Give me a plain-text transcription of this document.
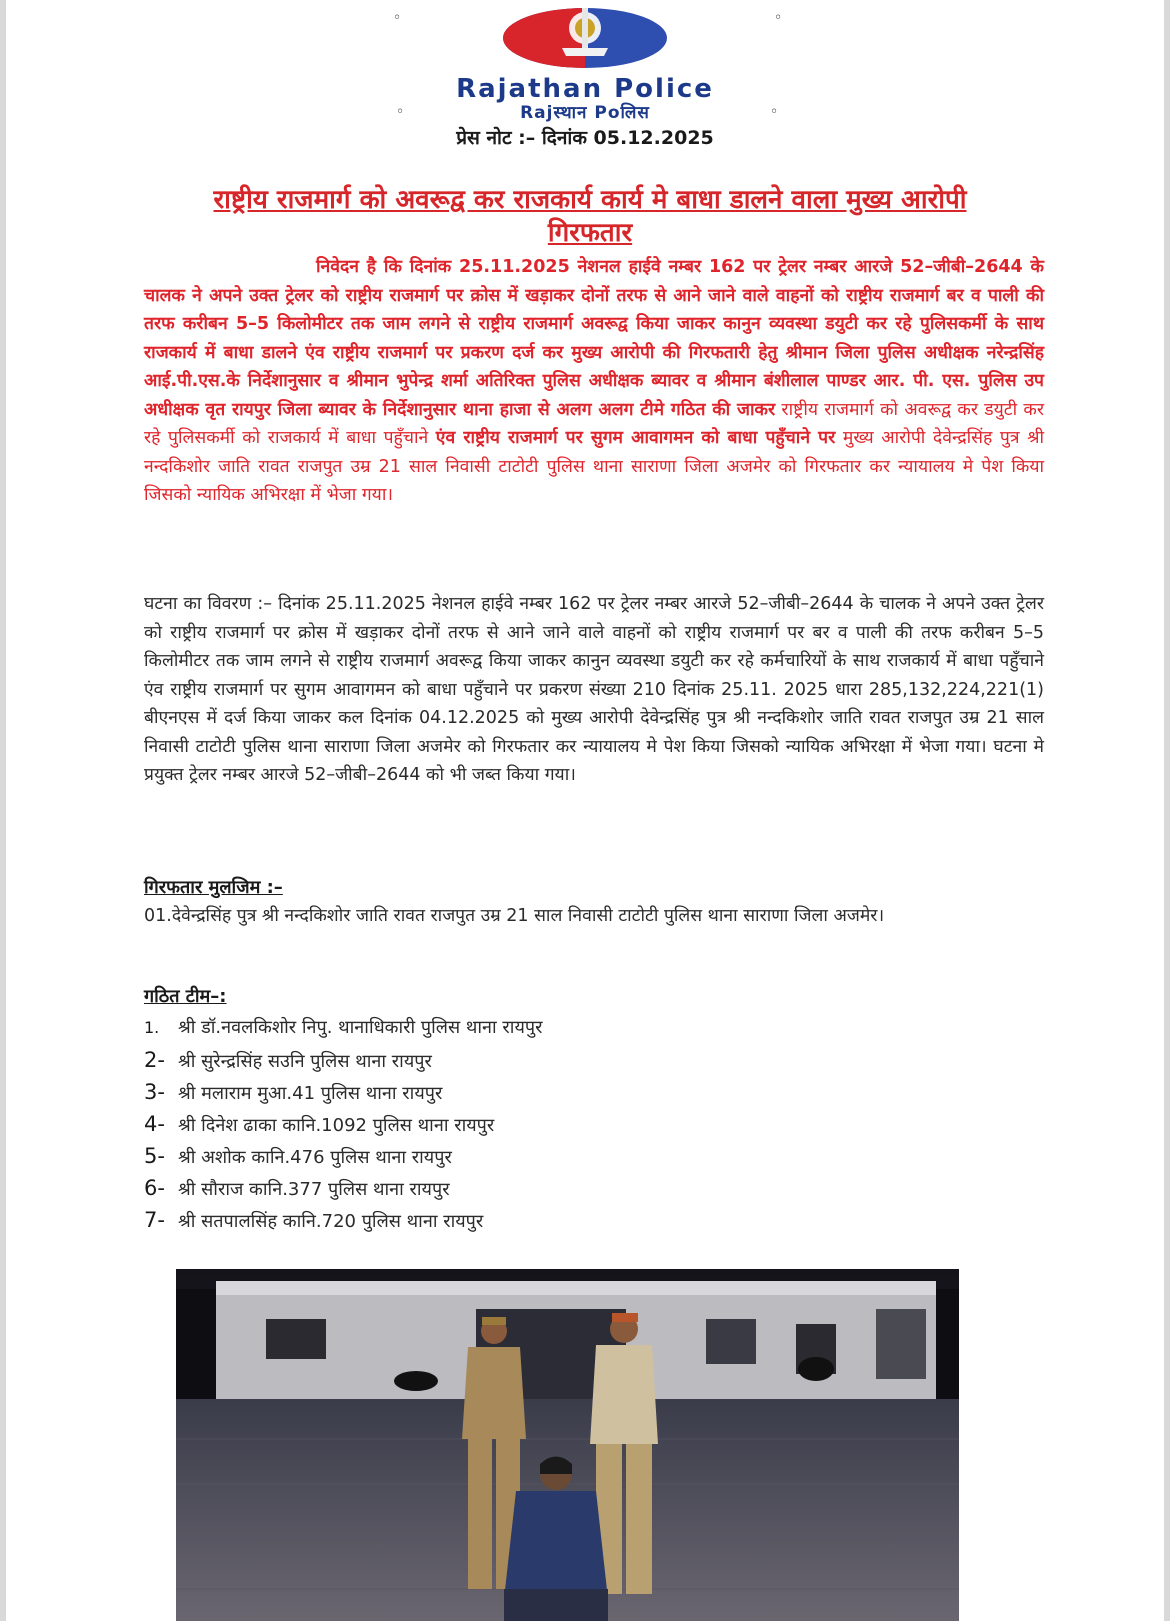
◦	◦
◦	◦
Rajathan Police
Rajस्थान Poलिस
प्रेस नोट :– दिनांक 05.12.2025
राष्ट्रीय राजमार्ग को अवरूद्व कर राजकार्य कार्य मे बाधा डालने वाला मुख्य आरोपी
गिरफतार
निवेदन है कि दिनांक 25.11.2025 नेशनल हाईवे नम्बर 162 पर ट्रेलर नम्बर आरजे 52–जीबी–2644 के चालक ने अपने उक्त ट्रेलर को राष्ट्रीय राजमार्ग पर क्रोस में खड़ाकर दोनों तरफ से आने जाने वाले वाहनों को राष्ट्रीय राजमार्ग बर व पाली की तरफ करीबन 5–5 किलोमीटर तक जाम लगने से राष्ट्रीय राजमार्ग अवरूद्व किया जाकर कानुन व्यवस्था डयुटी कर रहे पुलिसकर्मी के साथ राजकार्य में बाधा डालने एंव राष्ट्रीय राजमार्ग पर प्रकरण दर्ज कर मुख्य आरोपी की गिरफतारी हेतु श्रीमान जिला पुलिस अधीक्षक नरेन्द्रसिंह आई.पी.एस.के निर्देशानुसार व श्रीमान भुपेन्द्र शर्मा अतिरिक्त पुलिस अधीक्षक ब्यावर व श्रीमान बंशीलाल पाण्डर आर. पी. एस. पुलिस उप अधीक्षक वृत रायपुर जिला ब्यावर के निर्देशानुसार थाना हाजा से अलग अलग टीमे गठित की जाकर राष्ट्रीय राजमार्ग को अवरूद्व कर डयुटी कर रहे पुलिसकर्मी को राजकार्य में बाधा पहुँचाने एंव राष्ट्रीय राजमार्ग पर सुगम आवागमन को बाधा पहुँचाने पर मुख्य आरोपी देवेन्द्रसिंह पुत्र श्री नन्दकिशोर जाति रावत राजपुत उम्र 21 साल निवासी टाटोटी पुलिस थाना साराणा जिला अजमेर को गिरफतार कर न्यायालय मे पेश किया जिसको न्यायिक अभिरक्षा में भेजा गया।
घटना का विवरण :– दिनांक 25.11.2025 नेशनल हाईवे नम्बर 162 पर ट्रेलर नम्बर आरजे 52–जीबी–2644 के चालक ने अपने उक्त ट्रेलर को राष्ट्रीय राजमार्ग पर क्रोस में खड़ाकर दोनों तरफ से आने जाने वाले वाहनों को राष्ट्रीय राजमार्ग पर बर व पाली की तरफ करीबन 5–5 किलोमीटर तक जाम लगने से राष्ट्रीय राजमार्ग अवरूद्व किया जाकर कानुन व्यवस्था डयुटी कर रहे कर्मचारियों के साथ राजकार्य में बाधा पहुँचाने एंव राष्ट्रीय राजमार्ग पर सुगम आवागमन को बाधा पहुँचाने पर प्रकरण संख्या 210 दिनांक 25.11. 2025 धारा 285,132,224,221(1) बीएनएस में दर्ज किया जाकर कल दिनांक 04.12.2025 को मुख्य आरोपी देवेन्द्रसिंह पुत्र श्री नन्दकिशोर जाति रावत राजपुत उम्र 21 साल निवासी टाटोटी पुलिस थाना साराणा जिला अजमेर को गिरफतार कर न्यायालय मे पेश किया जिसको न्यायिक अभिरक्षा में भेजा गया। घटना मे प्रयुक्त ट्रेलर नम्बर आरजे 52–जीबी–2644 को भी जब्त किया गया।
गिरफतार मुलजिम :–
01.देवेन्द्रसिंह पुत्र श्री नन्दकिशोर जाति रावत राजपुत उम्र 21 साल निवासी टाटोटी पुलिस थाना साराणा जिला अजमेर।
गठित टीम–:
1. श्री डॉ.नवलकिशोर निपु. थानाधिकारी पुलिस थाना रायपुर
2- श्री सुरेन्द्रसिंह सउनि पुलिस थाना रायपुर
3- श्री मलाराम मुआ.41 पुलिस थाना रायपुर
4- श्री दिनेश ढाका कानि.1092 पुलिस थाना रायपुर
5- श्री अशोक कानि.476 पुलिस थाना रायपुर
6- श्री सौराज कानि.377 पुलिस थाना रायपुर
7- श्री सतपालसिंह कानि.720 पुलिस थाना रायपुर
